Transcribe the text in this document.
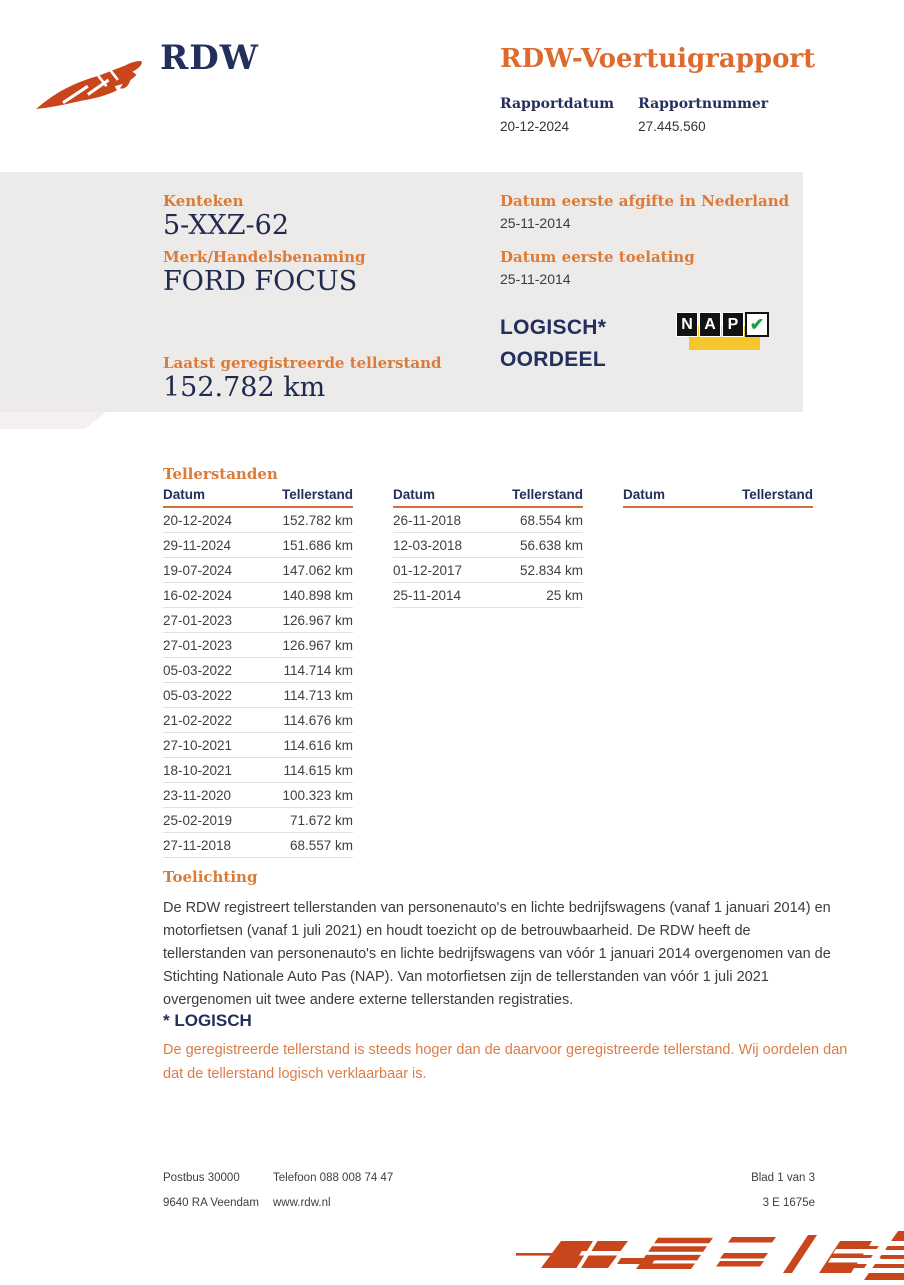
RDW	RDW-Voertuigrapport
Rapportdatum
20-12-2024
Rapportnummer
27.445.560
Kenteken
5-XXZ-62
Merk/Handelsbenaming
FORD FOCUS
Laatst geregistreerde tellerstand
152.782 km
Datum eerste afgifte in Nederland
25-11-2014
Datum eerste toelating
25-11-2014
LOGISCH*
OORDEEL
N A P ✔
Tellerstanden
Datum	Tellerstand
20-12-2024	152.782 km
29-11-2024	151.686 km
19-07-2024	147.062 km
16-02-2024	140.898 km
27-01-2023	126.967 km
27-01-2023	126.967 km
05-03-2022	114.714 km
05-03-2022	114.713 km
21-02-2022	114.676 km
27-10-2021	114.616 km
18-10-2021	114.615 km
23-11-2020	100.323 km
25-02-2019	71.672 km
27-11-2018	68.557 km
Datum	Tellerstand
26-11-2018	68.554 km
12-03-2018	56.638 km
01-12-2017	52.834 km
25-11-2014	25 km
Datum	Tellerstand
Toelichting

De RDW registreert tellerstanden van personenauto's en lichte bedrijfswagens (vanaf 1 januari 2014) en motorfietsen (vanaf 1 juli 2021) en houdt toezicht op de betrouwbaarheid. De RDW heeft de tellerstanden van personenauto's en lichte bedrijfswagens van vóór 1 januari 2014 overgenomen van de Stichting Nationale Auto Pas (NAP). Van motorfietsen zijn de tellerstanden van vóór 1 juli 2021 overgenomen uit twee andere externe tellerstanden registraties.

* LOGISCH

De geregistreerde tellerstand is steeds hoger dan de daarvoor geregistreerde tellerstand. Wij oordelen dan dat de tellerstand logisch verklaarbaar is.

Postbus 30000
9640 RA Veendam
Telefoon 088 008 74 47
www.rdw.nl
Blad 1 van 3
3 E 1675e
